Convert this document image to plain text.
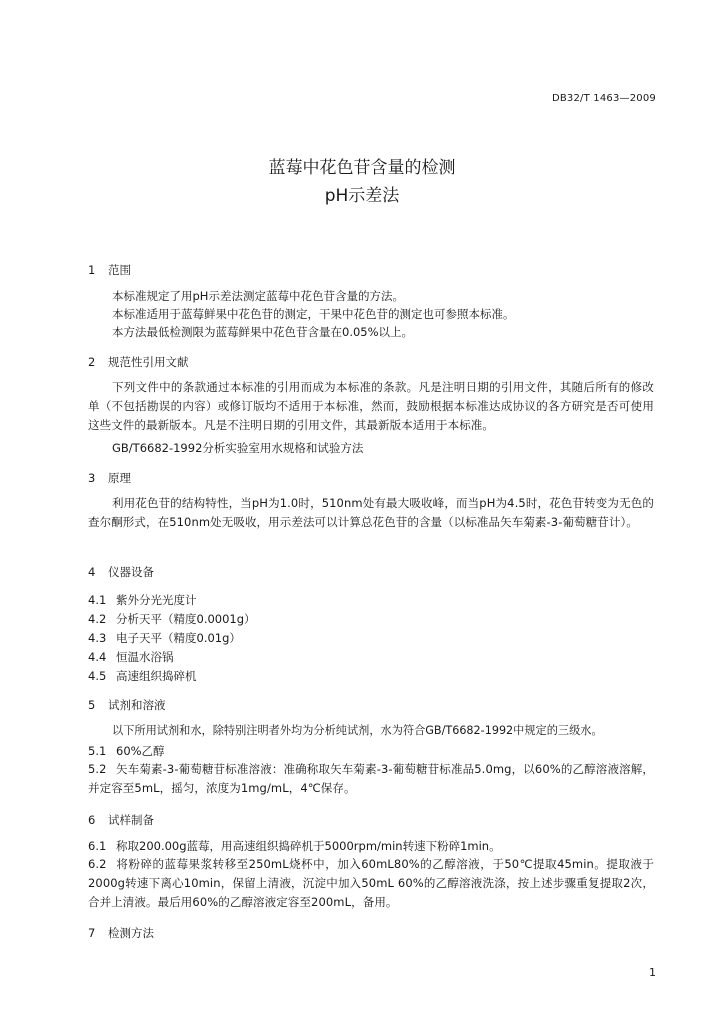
DB32/T 1463—2009
蓝莓中花色苷含量的检测
pH示差法
1 范围
本标准规定了用pH示差法测定蓝莓中花色苷含量的方法。
本标准适用于蓝莓鲜果中花色苷的测定，干果中花色苷的测定也可参照本标准。
本方法最低检测限为蓝莓鲜果中花色苷含量在0.05%以上。
2 规范性引用文献
下列文件中的条款通过本标准的引用而成为本标准的条款。凡是注明日期的引用文件，其随后所有的修改单（不包括勘误的内容）或修订版均不适用于本标准，然而，鼓励根据本标准达成协议的各方研究是否可使用这些文件的最新版本。凡是不注明日期的引用文件，其最新版本适用于本标准。
GB/T6682-1992分析实验室用水规格和试验方法
3 原理
利用花色苷的结构特性，当pH为1.0时，510nm处有最大吸收峰，而当pH为4.5时，花色苷转变为无色的查尔酮形式，在510nm处无吸收，用示差法可以计算总花色苷的含量（以标准品矢车菊素-3-葡萄糖苷计）。
4 仪器设备
4.1 紫外分光光度计
4.2 分析天平（精度0.0001g）
4.3 电子天平（精度0.01g）
4.4 恒温水浴锅
4.5 高速组织捣碎机
5 试剂和溶液
以下所用试剂和水，除特别注明者外均为分析纯试剂，水为符合GB/T6682-1992中规定的三级水。
5.1 60%乙醇
5.2 矢车菊素-3-葡萄糖苷标准溶液：准确称取矢车菊素-3-葡萄糖苷标准品5.0mg，以60%的乙醇溶液溶解，并定容至5mL，摇匀，浓度为1mg/mL，4℃保存。
6 试样制备
6.1 称取200.00g蓝莓，用高速组织捣碎机于5000rpm/min转速下粉碎1min。
6.2 将粉碎的蓝莓果浆转移至250mL烧杯中，加入60mL80%的乙醇溶液，于50℃提取45min。提取液于2000g转速下离心10min，保留上清液，沉淀中加入50mL 60%的乙醇溶液洗涤，按上述步骤重复提取2次，合并上清液。最后用60%的乙醇溶液定容至200mL，备用。
7 检测方法
1
